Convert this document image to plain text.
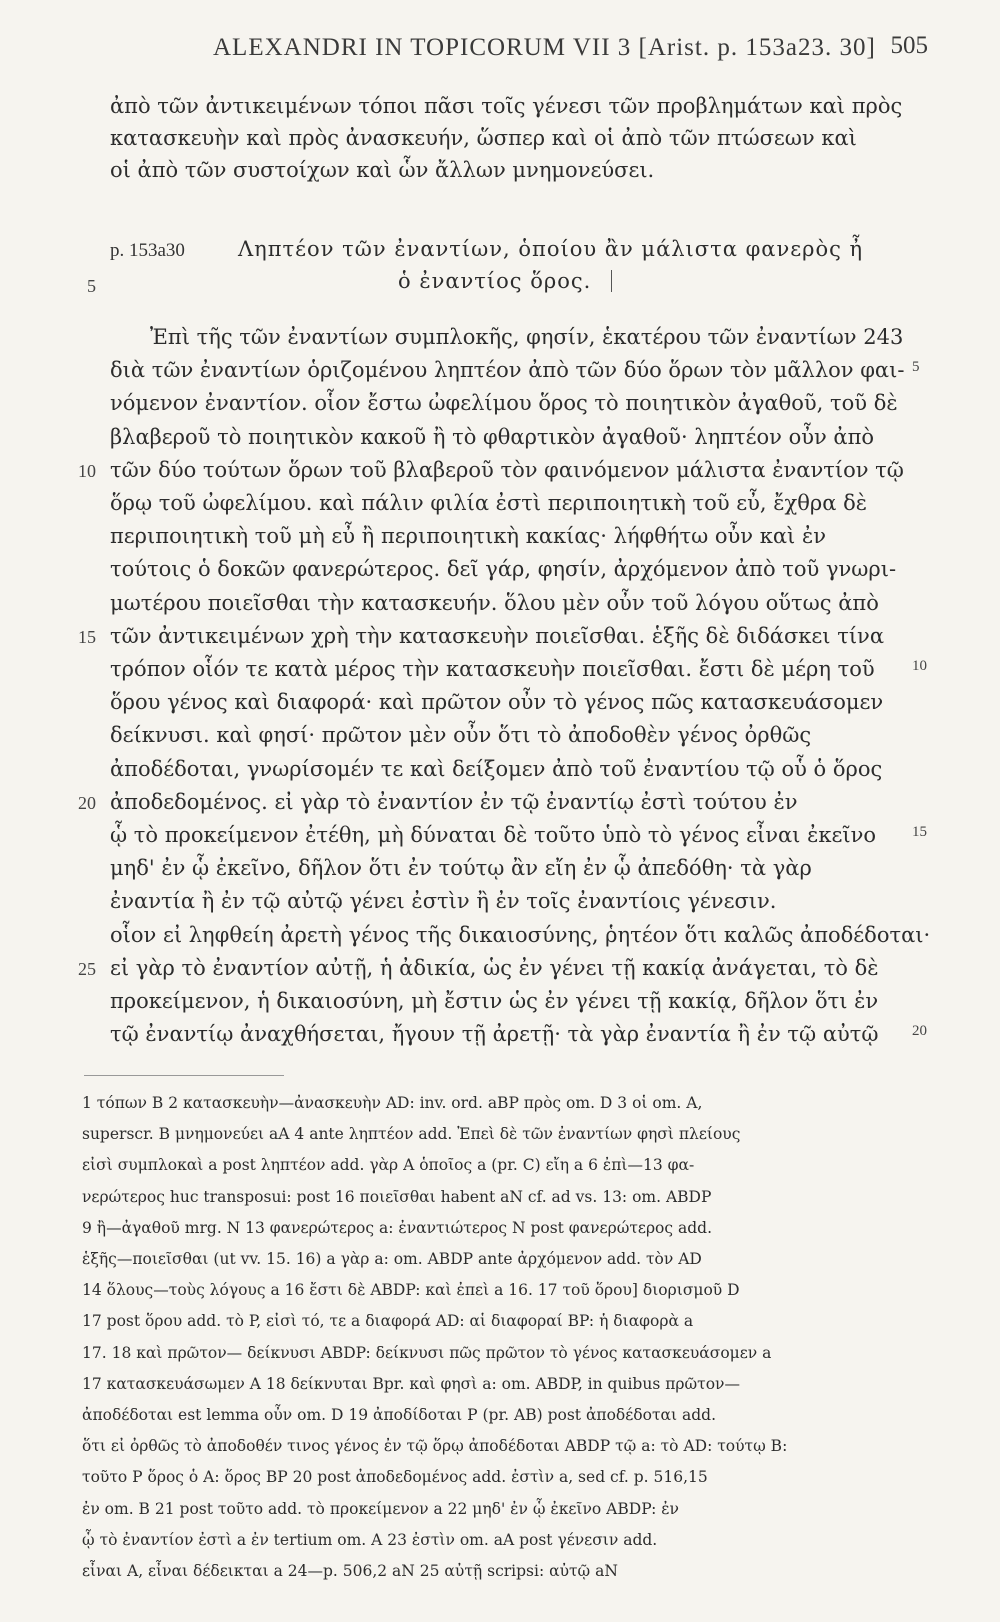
ALEXANDRI IN TOPICORUM VII 3 [Arist. p. 153a23. 30] 505
ἀπὸ τῶν ἀντικειμένων τόποι πᾶσι τοῖς γένεσι τῶν προβλημάτων καὶ πρὸς
κατασκευὴν καὶ πρὸς ἀνασκευήν, ὥσπερ καὶ οἱ ἀπὸ τῶν πτώσεων καὶ
οἱ ἀπὸ τῶν συστοίχων καὶ ὧν ἄλλων μνημονεύσει.
p. 153a30	Ληπτέον τῶν ἐναντίων, ὁποίου ἂν μάλιστα φανερὸς ἦ
5	ὁ ἐναντίος ὅρος.
Ἐπὶ τῆς τῶν ἐναντίων συμπλοκῆς, φησίν, ἑκατέρου τῶν ἐναντίων 243
διὰ τῶν ἐναντίων ὁριζομένου ληπτέον ἀπὸ τῶν δύο ὅρων τὸν μᾶλλον φαι- 5
νόμενον ἐναντίον. οἷον ἔστω ὠφελίμου ὅρος τὸ ποιητικὸν ἀγαθοῦ, τοῦ δὲ
βλαβεροῦ τὸ ποιητικὸν κακοῦ ἢ τὸ φθαρτικὸν ἀγαθοῦ· ληπτέον οὖν ἀπὸ
τῶν δύο τούτων ὅρων τοῦ βλαβεροῦ τὸν φαινόμενον μάλιστα ἐναντίον τῷ
10
ὅρῳ τοῦ ὠφελίμου. καὶ πάλιν φιλία ἐστὶ περιποιητικὴ τοῦ εὖ, ἔχθρα δὲ
περιποιητικὴ τοῦ μὴ εὖ ἢ περιποιητικὴ κακίας· λήφθήτω οὖν καὶ ἐν
τούτοις ὁ δοκῶν φανερώτερος. δεῖ γάρ, φησίν, ἀρχόμενον ἀπὸ τοῦ γνωρι-
μωτέρου ποιεῖσθαι τὴν κατασκευήν. ὅλου μὲν οὖν τοῦ λόγου οὕτως ἀπὸ
τῶν ἀντικειμένων χρὴ τὴν κατασκευὴν ποιεῖσθαι. ἑξῆς δὲ διδάσκει τίνα
15
τρόπον οἷόν τε κατὰ μέρος τὴν κατασκευὴν ποιεῖσθαι. ἔστι δὲ μέρη τοῦ 10
ὅρου γένος καὶ διαφορά· καὶ πρῶτον οὖν τὸ γένος πῶς κατασκευάσομεν
δείκνυσι. καὶ φησί· πρῶτον μὲν οὖν ὅτι τὸ ἀποδοθὲν γένος ὀρθῶς
ἀποδέδοται, γνωρίσομέν τε καὶ δείξομεν ἀπὸ τοῦ ἐναντίου τῷ οὗ ὁ ὅρος
ἀποδεδομένος. εἰ γὰρ τὸ ἐναντίον ἐν τῷ ἐναντίῳ ἐστὶ τούτου ἐν
20
ᾧ τὸ προκείμενον ἐτέθη, μὴ δύναται δὲ τοῦτο ὑπὸ τὸ γένος εἶναι ἐκεῖνο 15
μηδ' ἐν ᾧ ἐκεῖνο, δῆλον ὅτι ἐν τούτῳ ἂν εἴη ἐν ᾧ ἀπεδόθη· τὰ γὰρ
ἐναντία ἢ ἐν τῷ αὐτῷ γένει ἐστὶν ἢ ἐν τοῖς ἐναντίοις γένεσιν.
οἷον εἰ ληφθείη ἀρετὴ γένος τῆς δικαιοσύνης, ῥητέον ὅτι καλῶς ἀποδέδοται·
εἰ γὰρ τὸ ἐναντίον αὐτῇ, ἡ ἀδικία, ὡς ἐν γένει τῇ κακίᾳ ἀνάγεται, τὸ δὲ
25
προκείμενον, ἡ δικαιοσύνη, μὴ ἔστιν ὡς ἐν γένει τῇ κακίᾳ, δῆλον ὅτι ἐν
τῷ ἐναντίῳ ἀναχθήσεται, ἤγουν τῇ ἀρετῇ· τὰ γὰρ ἐναντία ἢ ἐν τῷ αὐτῷ 20
1 τόπων B 2 κατασκευὴν—ἀνασκευὴν AD: inv. ord. aBP πρὸς om. D 3 οἱ om. A,
superscr. B μνημονεύει aA 4 ante ληπτέον add. Ἐπεὶ δὲ τῶν ἐναντίων φησὶ πλείους
εἰσὶ συμπλοκαὶ a post ληπτέον add. γὰρ A ὁποῖος a (pr. C) εἴη a 6 ἐπὶ—13 φα-
νερώτερος huc transposui: post 16 ποιεῖσθαι habent aN cf. ad vs. 13: om. ABDP
9 ἢ—ἀγαθοῦ mrg. N 13 φανερώτερος a: ἐναντιώτερος N post φανερώτερος add.
ἑξῆς—ποιεῖσθαι (ut vv. 15. 16) a γὰρ a: om. ABDP ante ἀρχόμενον add. τὸν AD
14 ὅλους—τοὺς λόγους a 16 ἔστι δὲ ABDP: καὶ ἐπεὶ a 16. 17 τοῦ ὅρου] διορισμοῦ D
17 post ὅρου add. τὸ P, εἰσὶ τό, τε a διαφορά AD: αἱ διαφοραί BP: ἡ διαφορὰ a
17. 18 καὶ πρῶτον— δείκνυσι ABDP: δείκνυσι πῶς πρῶτον τὸ γένος κατασκευάσομεν a
17 κατασκευάσωμεν A 18 δείκνυται Bpr. καὶ φησὶ a: om. ABDP, in quibus πρῶτον—
ἀποδέδοται est lemma οὖν om. D 19 ἀποδίδοται P (pr. AB) post ἀποδέδοται add.
ὅτι εἰ ὀρθῶς τὸ ἀποδοθέν τινος γένος ἐν τῷ ὅρῳ ἀποδέδοται ABDP τῷ a: τὸ AD: τούτῳ B:
τοῦτο P ὅρος ὁ A: ὅρος BP 20 post ἀποδεδομένος add. ἐστὶν a, sed cf. p. 516,15
ἐν om. B 21 post τοῦτο add. τὸ προκείμενον a 22 μηδ' ἐν ᾧ ἐκεῖνο ABDP: ἐν
ᾧ τὸ ἐναντίον ἐστὶ a ἐν tertium om. A 23 ἐστὶν om. aA post γένεσιν add.
εἶναι A, εἶναι δέδεικται a 24—p. 506,2 aN 25 αὐτῇ scripsi: αὐτῷ aN
